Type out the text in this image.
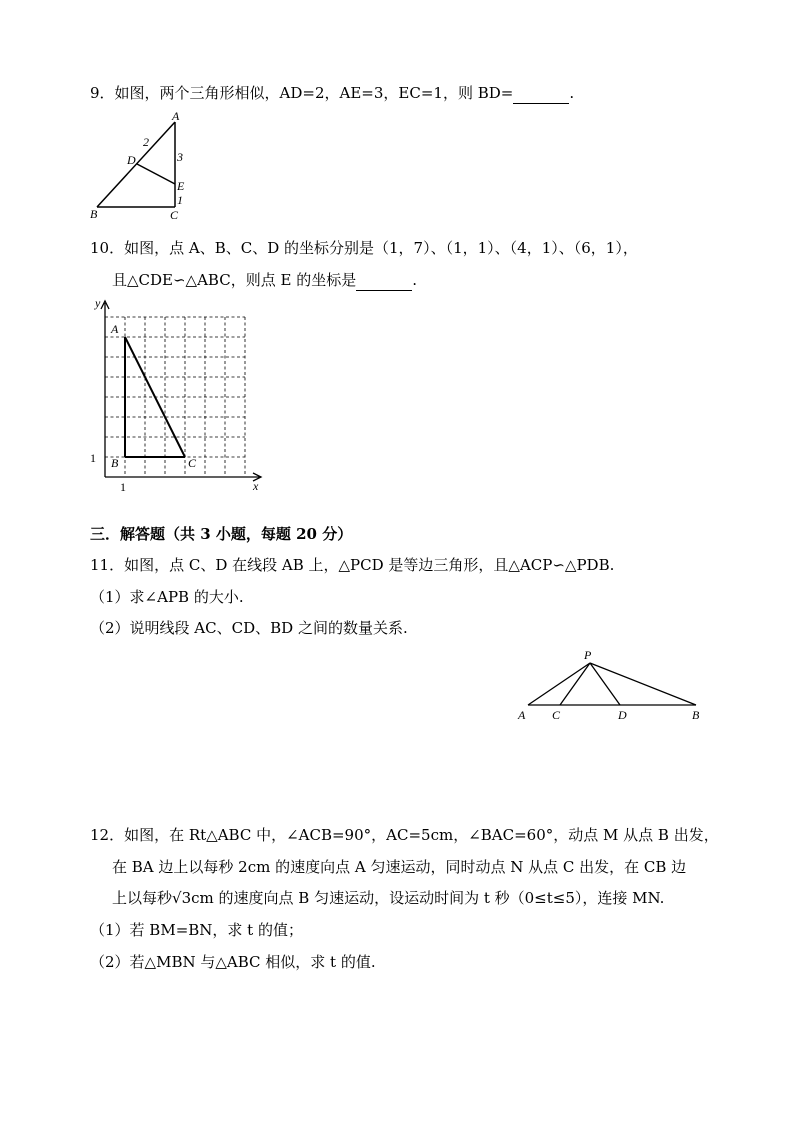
9．如图，两个三角形相似，AD=2，AE=3，EC=1，则 BD=	.
A
D
E
B	C
2
3
1
10．如图，点 A、B、C、D 的坐标分别是（1，7）、（1，1）、（4，1）、（6，1），
且△CDE∽△ABC，则点 E 的坐标是	.
y
x
A
B	C
1
1
三．解答题（共 3 小题，每题 20 分）
11．如图，点 C、D 在线段 AB 上，△PCD 是等边三角形，且△ACP∽△PDB.
（1）求∠APB 的大小.
（2）说明线段 AC、CD、BD 之间的数量关系.
P
A C	D	B
12．如图，在 Rt△ABC 中，∠ACB=90°，AC=5cm，∠BAC=60°，动点 M 从点 B 出发，
在 BA 边上以每秒 2cm 的速度向点 A 匀速运动，同时动点 N 从点 C 出发，在 CB 边
上以每秒√3cm 的速度向点 B 匀速运动，设运动时间为 t 秒（0≤t≤5），连接 MN.
（1）若 BM=BN，求 t 的值；
（2）若△MBN 与△ABC 相似，求 t 的值.
